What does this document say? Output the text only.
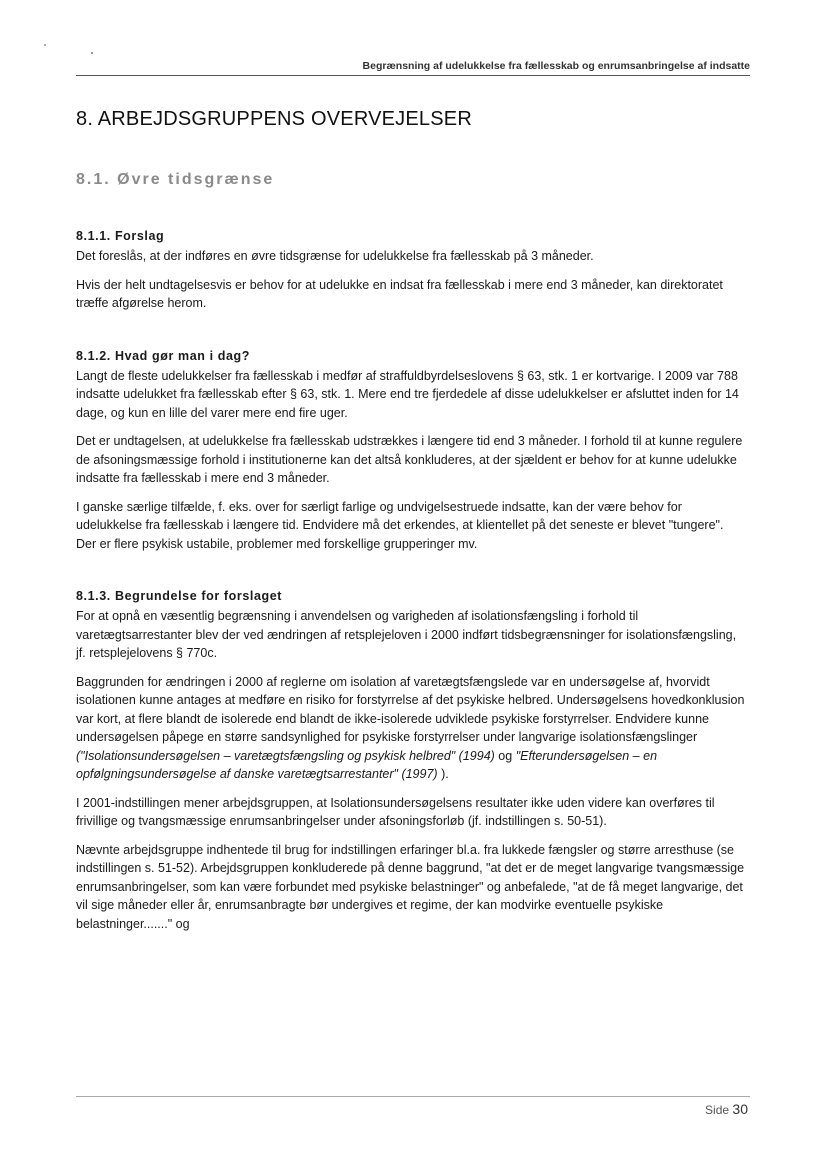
Begrænsning af udelukkelse fra fællesskab og enrumsanbringelse af indsatte
8. ARBEJDSGRUPPENS OVERVEJELSER
8.1. Øvre tidsgrænse
8.1.1. Forslag

Det foreslås, at der indføres en øvre tidsgrænse for udelukkelse fra fællesskab på 3 måneder.

Hvis der helt undtagelsesvis er behov for at udelukke en indsat fra fællesskab i mere end 3 måneder, kan direktoratet træffe afgørelse herom.

8.1.2. Hvad gør man i dag?

Langt de fleste udelukkelser fra fællesskab i medfør af straffuldbyrdelseslovens § 63, stk. 1 er kortvarige. I 2009 var 788 indsatte udelukket fra fællesskab efter § 63, stk. 1. Mere end tre fjerdedele af disse udelukkelser er afsluttet inden for 14 dage, og kun en lille del varer mere end fire uger.

Det er undtagelsen, at udelukkelse fra fællesskab udstrækkes i længere tid end 3 måneder. I forhold til at kunne regulere de afsoningsmæssige forhold i institutionerne kan det altså konkluderes, at der sjældent er behov for at kunne udelukke indsatte fra fællesskab i mere end 3 måneder.

I ganske særlige tilfælde, f. eks. over for særligt farlige og undvigelsestruede indsatte, kan der være behov for udelukkelse fra fællesskab i længere tid. Endvidere må det erkendes, at klientellet på det seneste er blevet "tungere". Der er flere psykisk ustabile, problemer med forskellige grupperinger mv.

8.1.3. Begrundelse for forslaget

For at opnå en væsentlig begrænsning i anvendelsen og varigheden af isolationsfængsling i forhold til varetægtsarrestanter blev der ved ændringen af retsplejeloven i 2000 indført tidsbegrænsninger for isolationsfængsling, jf. retsplejelovens § 770c.

Baggrunden for ændringen i 2000 af reglerne om isolation af varetægtsfængslede var en undersøgelse af, hvorvidt isolationen kunne antages at medføre en risiko for forstyrrelse af det psykiske helbred. Undersøgelsens hovedkonklusion var kort, at flere blandt de isolerede end blandt de ikke-isolerede udviklede psykiske forstyrrelser. Endvidere kunne undersøgelsen påpege en større sandsynlighed for psykiske forstyrrelser under langvarige isolationsfængslinger ("Isolationsundersøgelsen – varetægtsfængsling og psykisk helbred" (1994) og "Efterundersøgelsen – en opfølgningsundersøgelse af danske varetægtsarrestanter" (1997) ).

I 2001-indstillingen mener arbejdsgruppen, at Isolationsundersøgelsens resultater ikke uden videre kan overføres til frivillige og tvangsmæssige enrumsanbringelser under afsoningsforløb (jf. indstillingen s. 50-51).

Nævnte arbejdsgruppe indhentede til brug for indstillingen erfaringer bl.a. fra lukkede fængsler og større arresthuse (se indstillingen s. 51-52). Arbejdsgruppen konkluderede på denne baggrund, "at det er de meget langvarige tvangsmæssige enrumsanbringelser, som kan være forbundet med psykiske belastninger" og anbefalede, "at de få meget langvarige, det vil sige måneder eller år, enrumsanbragte bør undergives et regime, der kan modvirke eventuelle psykiske belastninger......." og

Side 30
